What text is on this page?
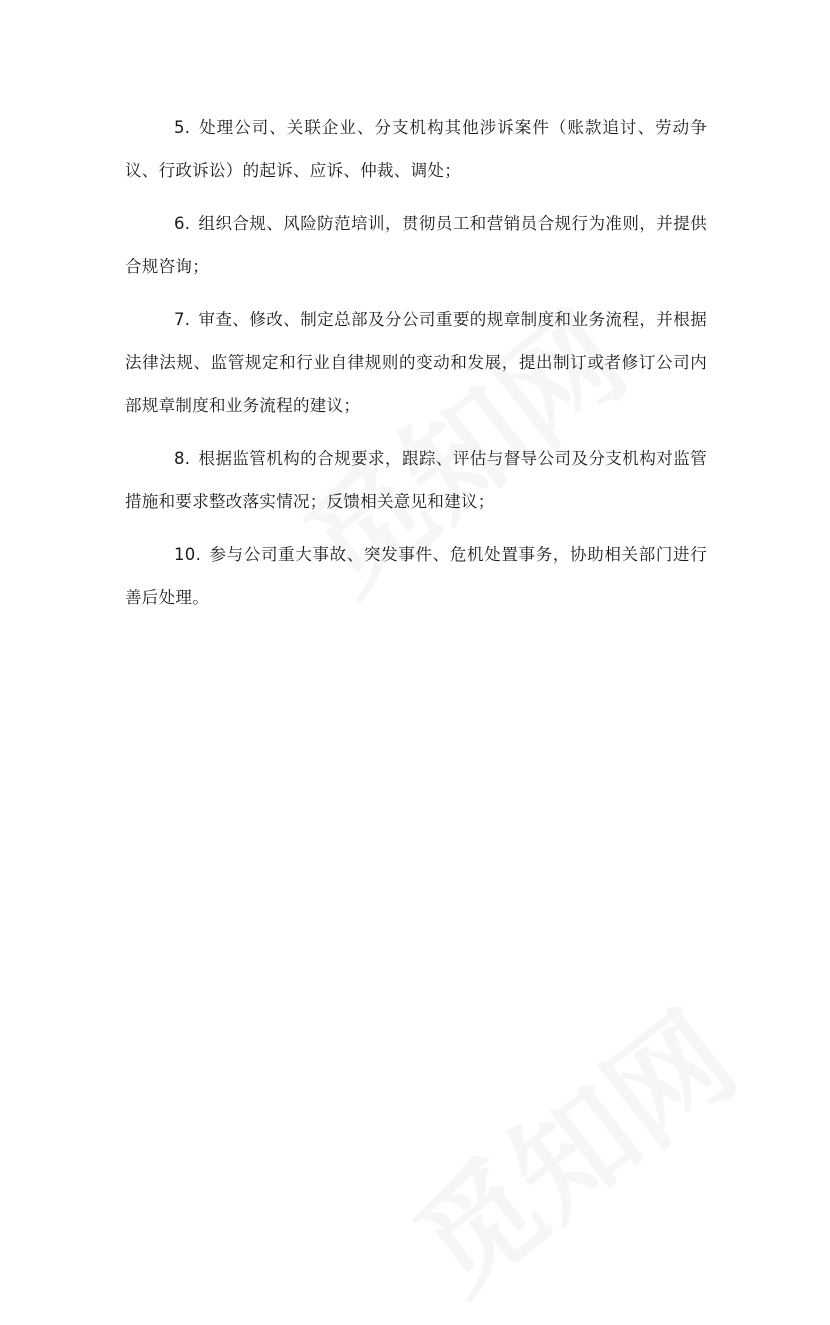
5. 处理公司、关联企业、分支机构其他涉诉案件（账款追讨、劳动争议、行政诉讼）的起诉、应诉、仲裁、调处；

6. 组织合规、风险防范培训，贯彻员工和营销员合规行为准则，并提供合规咨询；

7. 审查、修改、制定总部及分公司重要的规章制度和业务流程，并根据法律法规、监管规定和行业自律规则的变动和发展，提出制订或者修订公司内部规章制度和业务流程的建议；

8. 根据监管机构的合规要求，跟踪、评估与督导公司及分支机构对监管措施和要求整改落实情况；反馈相关意见和建议；

10. 参与公司重大事故、突发事件、危机处置事务，协助相关部门进行善后处理。
